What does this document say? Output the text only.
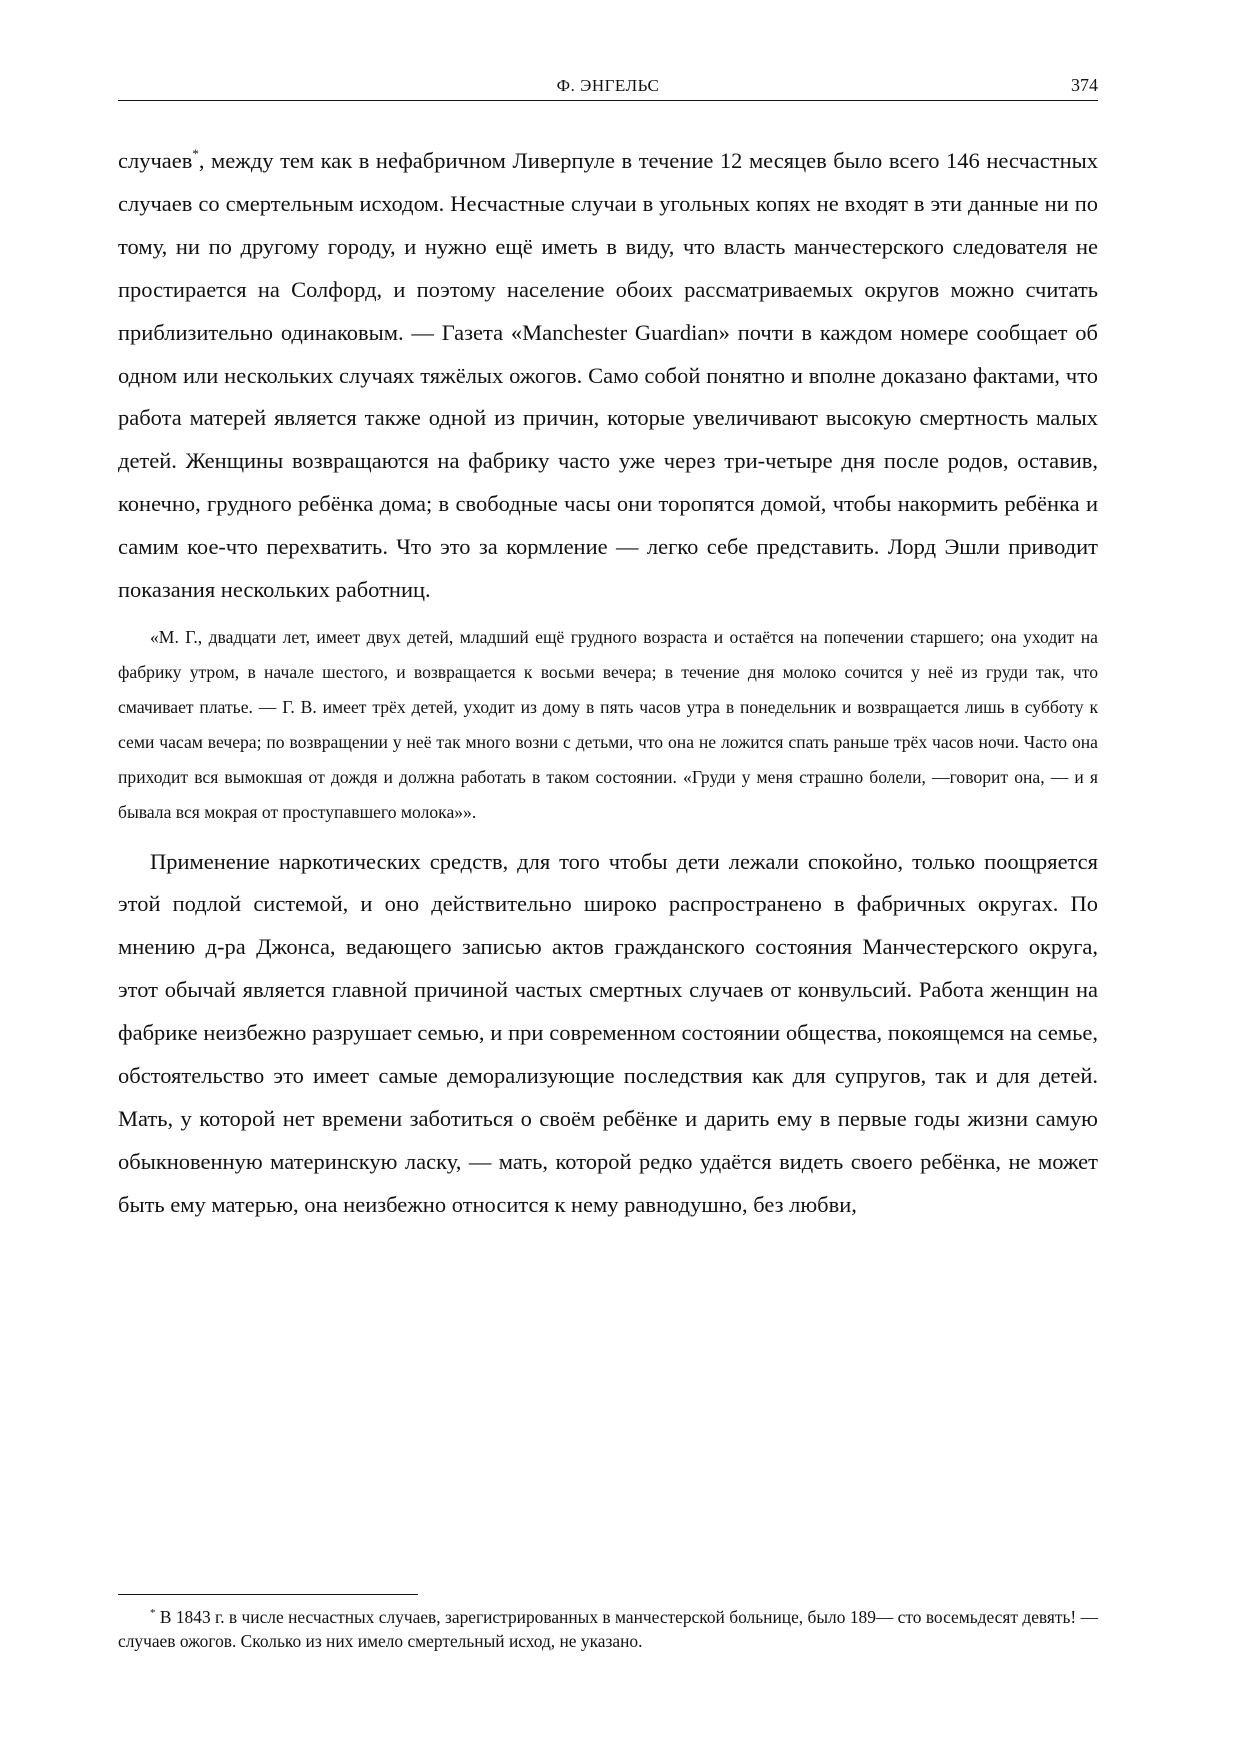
Ф. ЭНГЕЛЬС	374

случаев*, между тем как в нефабричном Ливерпуле в течение 12 месяцев было всего 146 несчастных случаев со смертельным исходом. Несчастные случаи в угольных копях не входят в эти данные ни по тому, ни по другому городу, и нужно ещё иметь в виду, что власть манчестерского следователя не простирается на Солфорд, и поэтому население обоих рассматриваемых округов можно считать приблизительно одинаковым. — Газета «Manchester Guardian» почти в каждом номере сообщает об одном или нескольких случаях тяжёлых ожогов. Само собой понятно и вполне доказано фактами, что работа матерей является также одной из причин, которые увеличивают высокую смертность малых детей. Женщины возвращаются на фабрику часто уже через три-четыре дня после родов, оставив, конечно, грудного ребёнка дома; в свободные часы они торопятся домой, чтобы накормить ребёнка и самим кое-что перехватить. Что это за кормление — легко себе представить. Лорд Эшли приводит показания нескольких работниц.

«М. Г., двадцати лет, имеет двух детей, младший ещё грудного возраста и остаётся на попечении старшего; она уходит на фабрику утром, в начале шестого, и возвращается к восьми вечера; в течение дня молоко сочится у неё из груди так, что смачивает платье. — Г. В. имеет трёх детей, уходит из дому в пять часов утра в понедельник и возвращается лишь в субботу к семи часам вечера; по возвращении у неё так много возни с детьми, что она не ложится спать раньше трёх часов ночи. Часто она приходит вся вымокшая от дождя и должна работать в таком состоянии. «Груди у меня страшно болели, —говорит она, — и я бывала вся мокрая от проступавшего молока»».

Применение наркотических средств, для того чтобы дети лежали спокойно, только поощряется этой подлой системой, и оно действительно широко распространено в фабричных округах. По мнению д-ра Джонса, ведающего записью актов гражданского состояния Манчестерского округа, этот обычай является главной причиной частых смертных случаев от конвульсий. Работа женщин на фабрике неизбежно разрушает семью, и при современном состоянии общества, покоящемся на семье, обстоятельство это имеет самые деморализующие последствия как для супругов, так и для детей. Мать, у которой нет времени заботиться о своём ребёнке и дарить ему в первые годы жизни самую обыкновенную материнскую ласку, — мать, которой редко удаётся видеть своего ребёнка, не может быть ему матерью, она неизбежно относится к нему равнодушно, без любви,

* В 1843 г. в числе несчастных случаев, зарегистрированных в манчестерской больнице, было 189— сто восемьдесят девять! — случаев ожогов. Сколько из них имело смертельный исход, не указано.
